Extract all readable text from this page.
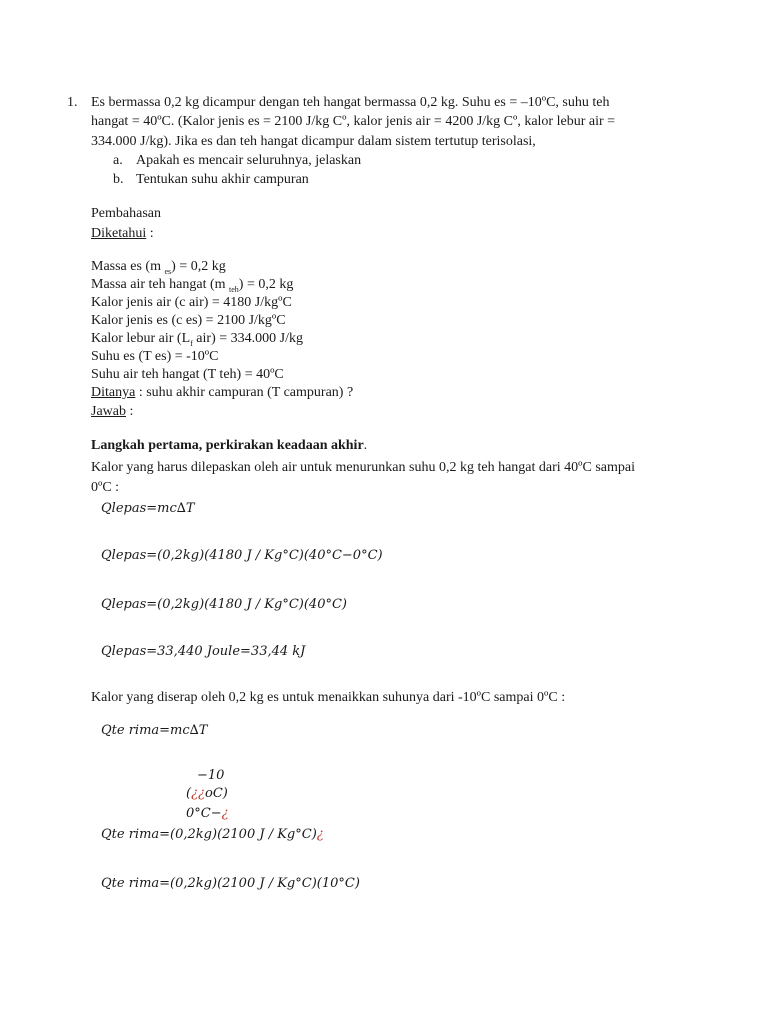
1. Es bermassa 0,2 kg dicampur dengan teh hangat bermassa 0,2 kg. Suhu es = –10ºC, suhu teh
hangat = 40ºC. (Kalor jenis es = 2100 J/kg Cº, kalor jenis air = 4200 J/kg Cº, kalor lebur air =
334.000 J/kg). Jika es dan teh hangat dicampur dalam sistem tertutup terisolasi,
a. Apakah es mencair seluruhnya, jelaskan
b. Tentukan suhu akhir campuran
Pembahasan
Diketahui :
Massa es (m $_{es}$) = 0,2 kg
Massa air teh hangat (m $_{teh}$) = 0,2 kg
Kalor jenis air (c air) = 4180 J/kgºC
Kalor jenis es (c es) = 2100 J/kgºC
Kalor lebur air ($L_f$ air) = 334.000 J/kg
Suhu es (T es) = -10ºC
Suhu air teh hangat (T teh) = 40ºC
Ditanya : suhu akhir campuran (T campuran) ?
Jawab :
Langkah pertama, perkirakan keadaan akhir.
Kalor yang harus dilepaskan oleh air untuk menurunkan suhu 0,2 kg teh hangat dari 40ºC sampai
0ºC :
Qlepas=mc∆T
Qlepas=(0,2kg)(4180 J / Kg°C)(40°C−0°C)
Qlepas=(0,2kg)(4180 J / Kg°C)(40°C)
Qlepas=33,440 Joule=33,44 kJ
Kalor yang diserap oleh 0,2 kg es untuk menaikkan suhunya dari -10ºC sampai 0ºC :
Qte rima=mc∆T
−10
(¿¿oC)
0°C−¿
Qte rima=(0,2kg)(2100 J / Kg°C)¿
Qte rima=(0,2kg)(2100 J / Kg°C)(10°C)
